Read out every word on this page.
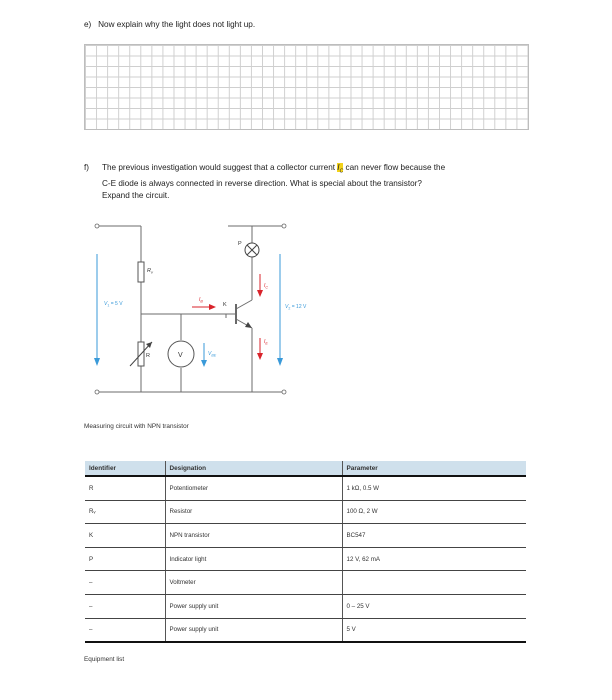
e) Now explain why the light does not light up.
f) The previous investigation would suggest that a collector current $I_C$ can never flow because the
C-E diode is always connected in reverse direction. What is special about the transistor?
Expand the circuit.
$R_v$
R	V
P
K
$V_1 = 5$ V	$V_2 = 12$ V
$V_{BE}$
$I_B$
$I_C$
$I_E$
Measuring circuit with NPN transistor
Identifier	Designation	Parameter
R	Potentiometer	1 kΩ, 0.5 W
Rᵥ	Resistor	100 Ω, 2 W
K	NPN transistor	BC547
P	Indicator light	12 V, 62 mA
–	Voltmeter	
–	Power supply unit	0 – 25 V
–	Power supply unit	5 V
Equipment list
